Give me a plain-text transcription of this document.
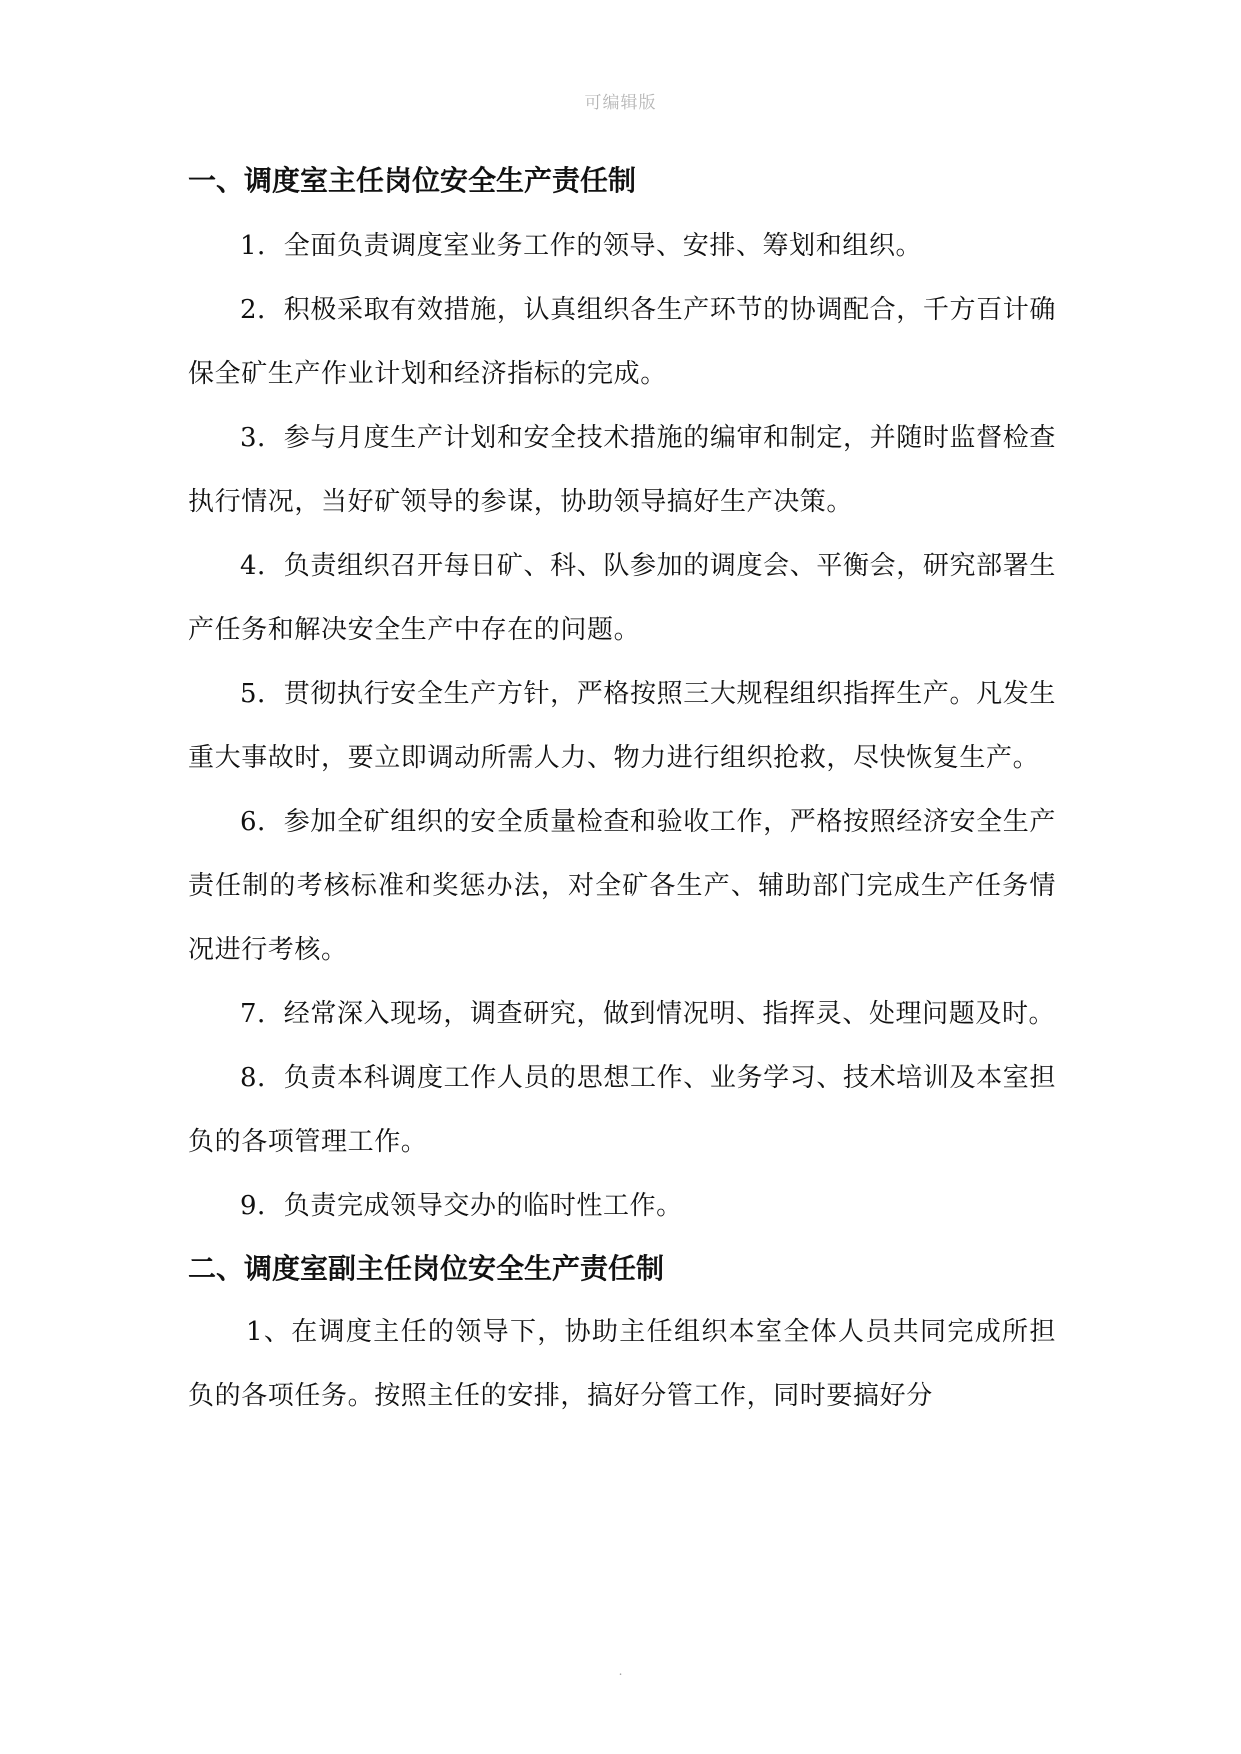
可编辑版
一、调度室主任岗位安全生产责任制

1．全面负责调度室业务工作的领导、安排、筹划和组织。

2．积极采取有效措施，认真组织各生产环节的协调配合，千方百计确保全矿生产作业计划和经济指标的完成。

3．参与月度生产计划和安全技术措施的编审和制定，并随时监督检查执行情况，当好矿领导的参谋，协助领导搞好生产决策。

4．负责组织召开每日矿、科、队参加的调度会、平衡会，研究部署生产任务和解决安全生产中存在的问题。

5．贯彻执行安全生产方针，严格按照三大规程组织指挥生产。凡发生重大事故时，要立即调动所需人力、物力进行组织抢救，尽快恢复生产。

6．参加全矿组织的安全质量检查和验收工作，严格按照经济安全生产责任制的考核标准和奖惩办法，对全矿各生产、辅助部门完成生产任务情况进行考核。

7．经常深入现场，调查研究，做到情况明、指挥灵、处理问题及时。

8．负责本科调度工作人员的思想工作、业务学习、技术培训及本室担负的各项管理工作。

9．负责完成领导交办的临时性工作。

二、调度室副主任岗位安全生产责任制

1、在调度主任的领导下，协助主任组织本室全体人员共同完成所担负的各项任务。按照主任的安排，搞好分管工作，同时要搞好分

.
